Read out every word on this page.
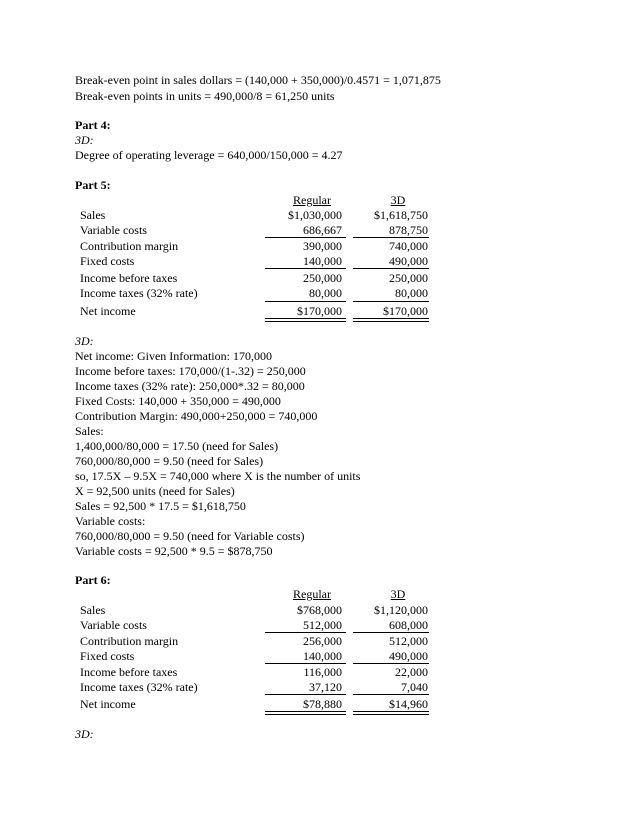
Break-even point in sales dollars = (140,000 + 350,000)/0.4571 = 1,071,875
Break-even points in units = 490,000/8 = 61,250 units
Part 4:
3D:
Degree of operating leverage = 640,000/150,000 = 4.27
Part 5:
Regular	3D
Sales	$1,030,000	$1,618,750
Variable costs	686,667	878,750
Contribution margin	390,000	740,000
Fixed costs	140,000	490,000
Income before taxes	250,000	250,000
Income taxes (32% rate)	80,000	80,000
Net income	$170,000	$170,000
3D:
Net income: Given Information: 170,000
Income before taxes: 170,000/(1-.32) = 250,000
Income taxes (32% rate): 250,000*.32 = 80,000
Fixed Costs: 140,000 + 350,000 = 490,000
Contribution Margin: 490,000+250,000 = 740,000
Sales:
1,400,000/80,000 = 17.50 (need for Sales)
760,000/80,000 = 9.50 (need for Sales)
so, 17.5X – 9.5X = 740,000 where X is the number of units
X = 92,500 units (need for Sales)
Sales = 92,500 * 17.5 = $1,618,750
Variable costs:
760,000/80,000 = 9.50 (need for Variable costs)
Variable costs = 92,500 * 9.5 = $878,750
Part 6:
Regular	3D
Sales	$768,000	$1,120,000
Variable costs	512,000	608,000
Contribution margin	256,000	512,000
Fixed costs	140,000	490,000
Income before taxes	116,000	22,000
Income taxes (32% rate)	37,120	7,040
Net income	$78,880	$14,960
3D:
